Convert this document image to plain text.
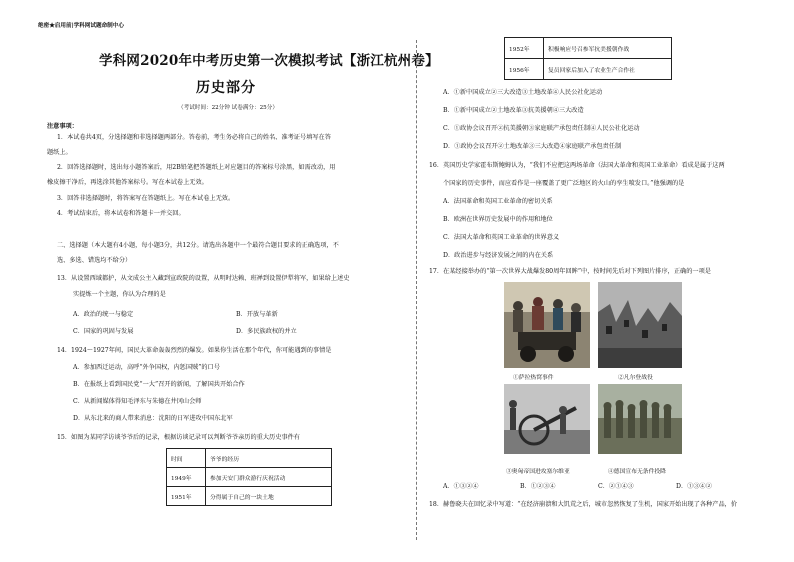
绝密★启用前|学科网试题命制中心
学科网2020年中考历史第一次模拟考试【浙江杭州卷】
历史部分
（考试时间：22分钟 试卷满分：25分）
注意事项：
1．本试卷共4页，分选择题和非选择题两部分。答卷前，考生务必将自己的姓名、准考证号填写在答
题纸上。
2．回答选择题时，选出每小题答案后，用2B铅笔把答题纸上对应题目的答案标号涂黑，如需改动，用
橡皮擦干净后，再选涂其他答案标号。写在本试卷上无效。
3．回答非选择题时，将答案写在答题纸上。写在本试卷上无效。
4．考试结束后，将本试卷和答题卡一并交回。
二、选择题（本大题有4小题，每小题3分，共12分。请选出各题中一个最符合题目要求的正确选项，不
选、多选、错选均不给分）
13．从设置西域都护，从文成公主入藏到宣政院的设置，从明时达赖、班禅到设置伊犁将军，如果给上述史
实提炼一个主题，你认为合理的是
A．政治的统一与稳定	B．开放与革新
C．国家的巩固与发展	D．多民族政权的并立
14．1924～1927年间，国民大革命轰轰烈烈的爆发。如果你生活在那个年代，你可能遇到的事情是
A．参加西迁运动，高呼“外争国权，内惩国贼”的口号
B．在报纸上看到国民党“一大”召开的新闻，了解国共开始合作
C．从新闻媒体得知毛泽东与朱德在井冈山会师
D．从东北来的商人带来消息：沈阳的日军进攻中国东北军
15．如图为某同学访谈爷爷后的记录，根据访谈记录可以判断爷爷亲历的重大历史事件有
时间	爷爷的经历
1949年	参加天安门群众游行庆祝活动
1951年	分得属于自己的一块土地
1952年	积极响应号召参军抗美援朝作战
1956年	复员回家后加入了农业生产合作社
A．①新中国成立②三大改造③土地改革④人民公社化运动
B．①新中国成立②土地改革③抗美援朝④三大改造
C．①政协会议召开②抗美援朝③家庭联产承包责任制④人民公社化运动
D．①政协会议召开②土地改革③三大改造④家庭联产承包责任制
16．英国历史学家霍布斯鲍姆认为，“我们不应把这两场革命（法国大革命和英国工业革命）看成是属于这两
个国家的历史事件，而应看作是一座覆盖了更广泛地区的火山的孪生喷发口。”他强调的是
A．法国革命和英国工业革命的密切关系
B．欧洲在世界历史发展中的作用和地位
C．法国大革命和英国工业革命的世界意义
D．政治进步与经济发展之间的内在关系
17．在某经接举办的“第一次世界大战爆发80周年回眸”中，按时间先后对下列图片排序，正确的一项是
①萨拉热窝事件	②凡尔登战役
③奥匈帝国进攻塞尔维亚	④德国宣布无条件投降
A．①③②④	B．①②③④	C．②①④③	D．①③④②
18．赫鲁晓夫在回忆录中写道：“在经济崩溃和大饥荒之后，城市忽然恢复了生机，国家开始出现了各种产品，价
